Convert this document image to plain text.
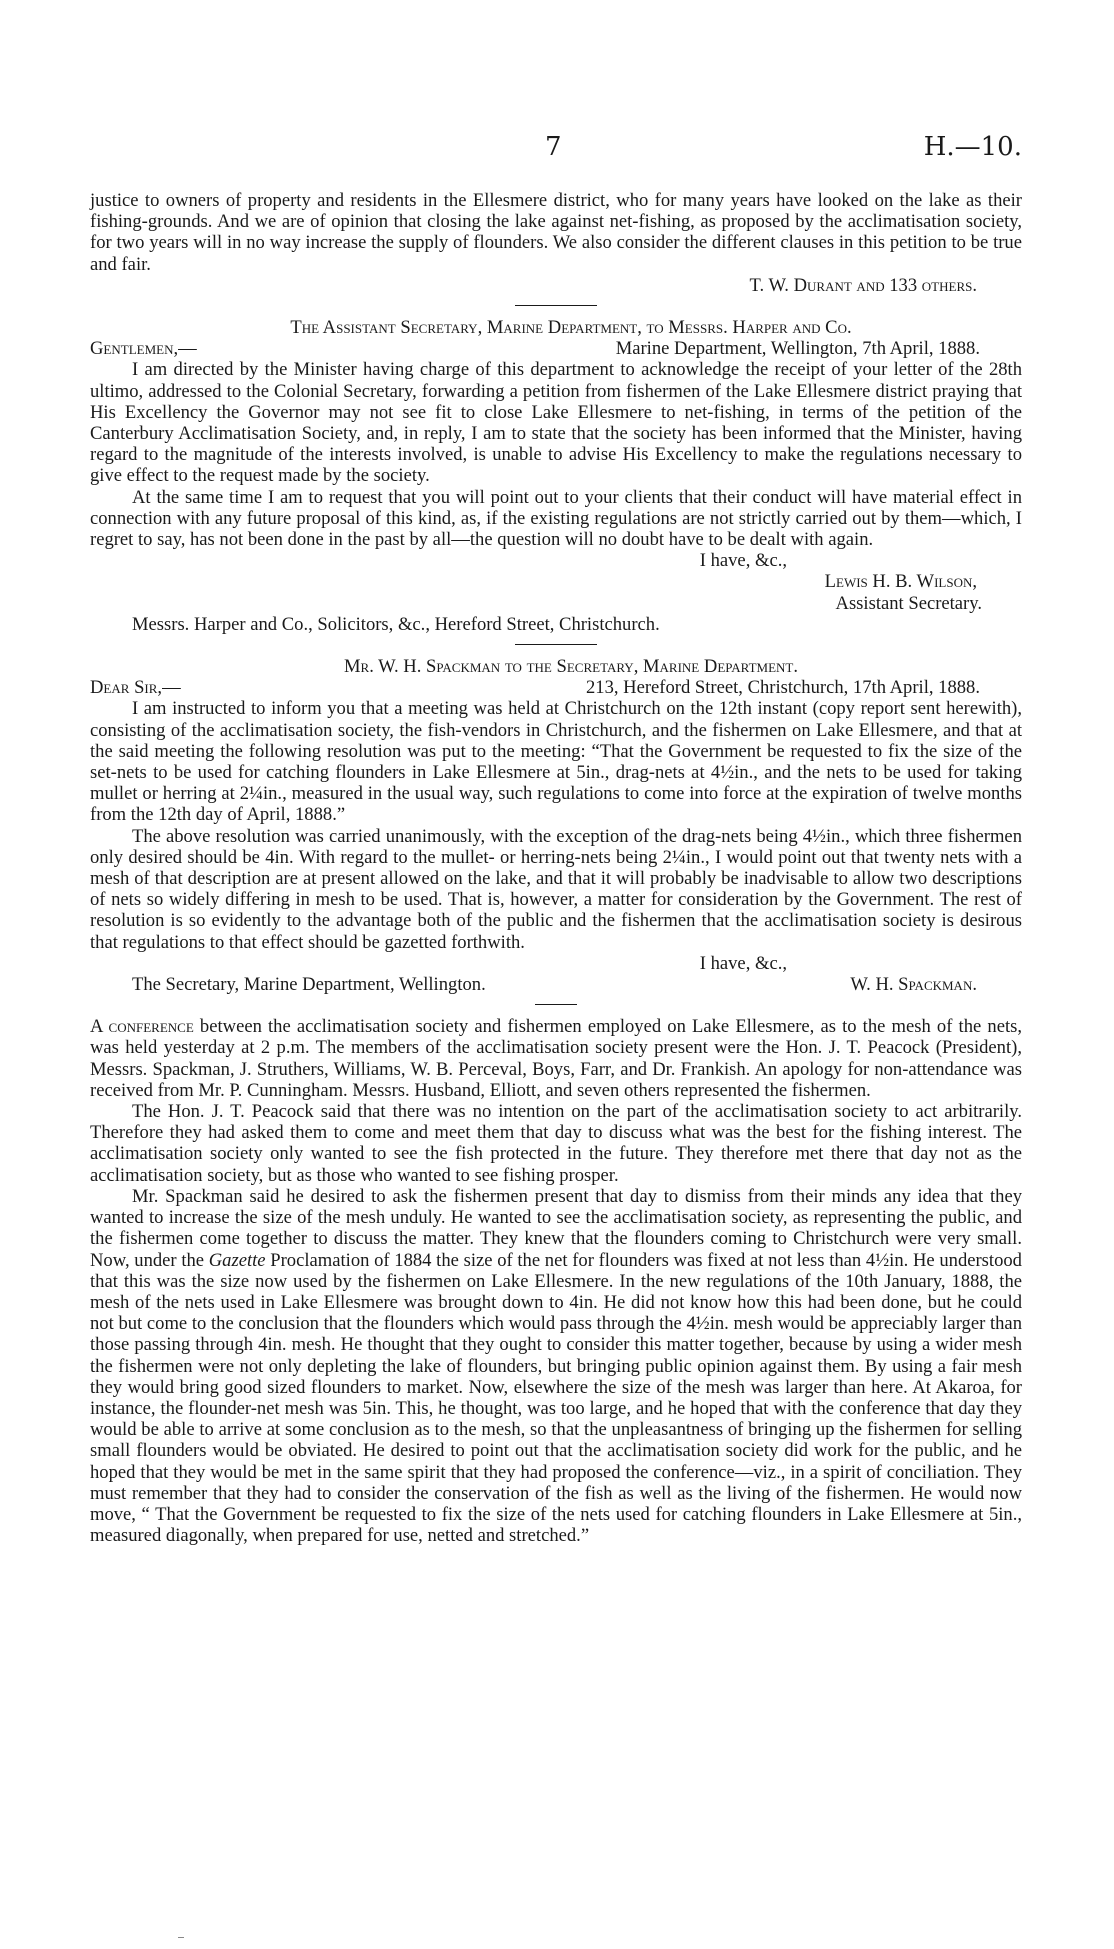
7	H.—10.

justice to owners of property and residents in the Ellesmere district, who for many years have looked on the lake as their fishing-grounds. And we are of opinion that closing the lake against net-fishing, as proposed by the acclimatisation society, for two years will in no way increase the supply of flounders. We also consider the different clauses in this petition to be true and fair.

T. W. Durant and 133 others.

The Assistant Secretary, Marine Department, to Messrs. Harper and Co.

Gentlemen,—	Marine Department, Wellington, 7th April, 1888.

I am directed by the Minister having charge of this department to acknowledge the receipt of your letter of the 28th ultimo, addressed to the Colonial Secretary, forwarding a petition from fishermen of the Lake Ellesmere district praying that His Excellency the Governor may not see fit to close Lake Ellesmere to net-fishing, in terms of the petition of the Canterbury Acclimatisation Society, and, in reply, I am to state that the society has been informed that the Minister, having regard to the magnitude of the interests involved, is unable to advise His Excellency to make the regulations necessary to give effect to the request made by the society.

At the same time I am to request that you will point out to your clients that their conduct will have material effect in connection with any future proposal of this kind, as, if the existing regulations are not strictly carried out by them—which, I regret to say, has not been done in the past by all—the question will no doubt have to be dealt with again.

I have, &c.,

Lewis H. B. Wilson,

Assistant Secretary.

Messrs. Harper and Co., Solicitors, &c., Hereford Street, Christchurch.

Mr. W. H. Spackman to the Secretary, Marine Department.

Dear Sir,—	213, Hereford Street, Christchurch, 17th April, 1888.

I am instructed to inform you that a meeting was held at Christchurch on the 12th instant (copy report sent herewith), consisting of the acclimatisation society, the fish-vendors in Christchurch, and the fishermen on Lake Ellesmere, and that at the said meeting the following resolution was put to the meeting: “That the Government be requested to fix the size of the set-nets to be used for catching flounders in Lake Ellesmere at 5in., drag-nets at 4½in., and the nets to be used for taking mullet or herring at 2¼in., measured in the usual way, such regulations to come into force at the expiration of twelve months from the 12th day of April, 1888.”

The above resolution was carried unanimously, with the exception of the drag-nets being 4½in., which three fishermen only desired should be 4in. With regard to the mullet- or herring-nets being 2¼in., I would point out that twenty nets with a mesh of that description are at present allowed on the lake, and that it will probably be inadvisable to allow two descriptions of nets so widely differing in mesh to be used. That is, however, a matter for consideration by the Government. The rest of resolution is so evidently to the advantage both of the public and the fishermen that the acclimatisation society is desirous that regulations to that effect should be gazetted forthwith.

I have, &c.,

The Secretary, Marine Department, Wellington.	W. H. Spackman.

A conference between the acclimatisation society and fishermen employed on Lake Ellesmere, as to the mesh of the nets, was held yesterday at 2 p.m. The members of the acclimatisation society present were the Hon. J. T. Peacock (President), Messrs. Spackman, J. Struthers, Williams, W. B. Perceval, Boys, Farr, and Dr. Frankish. An apology for non-attendance was received from Mr. P. Cunningham. Messrs. Husband, Elliott, and seven others represented the fishermen.

The Hon. J. T. Peacock said that there was no intention on the part of the acclimatisation society to act arbitrarily. Therefore they had asked them to come and meet them that day to discuss what was the best for the fishing interest. The acclimatisation society only wanted to see the fish protected in the future. They therefore met there that day not as the acclimatisation society, but as those who wanted to see fishing prosper.

Mr. Spackman said he desired to ask the fishermen present that day to dismiss from their minds any idea that they wanted to increase the size of the mesh unduly. He wanted to see the acclimatisation society, as representing the public, and the fishermen come together to discuss the matter. They knew that the flounders coming to Christchurch were very small. Now, under the Gazette Proclamation of 1884 the size of the net for flounders was fixed at not less than 4½in. He understood that this was the size now used by the fishermen on Lake Ellesmere. In the new regulations of the 10th January, 1888, the mesh of the nets used in Lake Ellesmere was brought down to 4in. He did not know how this had been done, but he could not but come to the conclusion that the flounders which would pass through the 4½in. mesh would be appreciably larger than those passing through 4in. mesh. He thought that they ought to consider this matter together, because by using a wider mesh the fishermen were not only depleting the lake of flounders, but bringing public opinion against them. By using a fair mesh they would bring good sized flounders to market. Now, elsewhere the size of the mesh was larger than here. At Akaroa, for instance, the flounder-net mesh was 5in. This, he thought, was too large, and he hoped that with the conference that day they would be able to arrive at some conclusion as to the mesh, so that the unpleasantness of bringing up the fishermen for selling small flounders would be obviated. He desired to point out that the acclimatisation society did work for the public, and he hoped that they would be met in the same spirit that they had proposed the conference—viz., in a spirit of conciliation. They must remember that they had to consider the conservation of the fish as well as the living of the fishermen. He would now move, “ That the Government be requested to fix the size of the nets used for catching flounders in Lake Ellesmere at 5in., measured diagonally, when prepared for use, netted and stretched.”
